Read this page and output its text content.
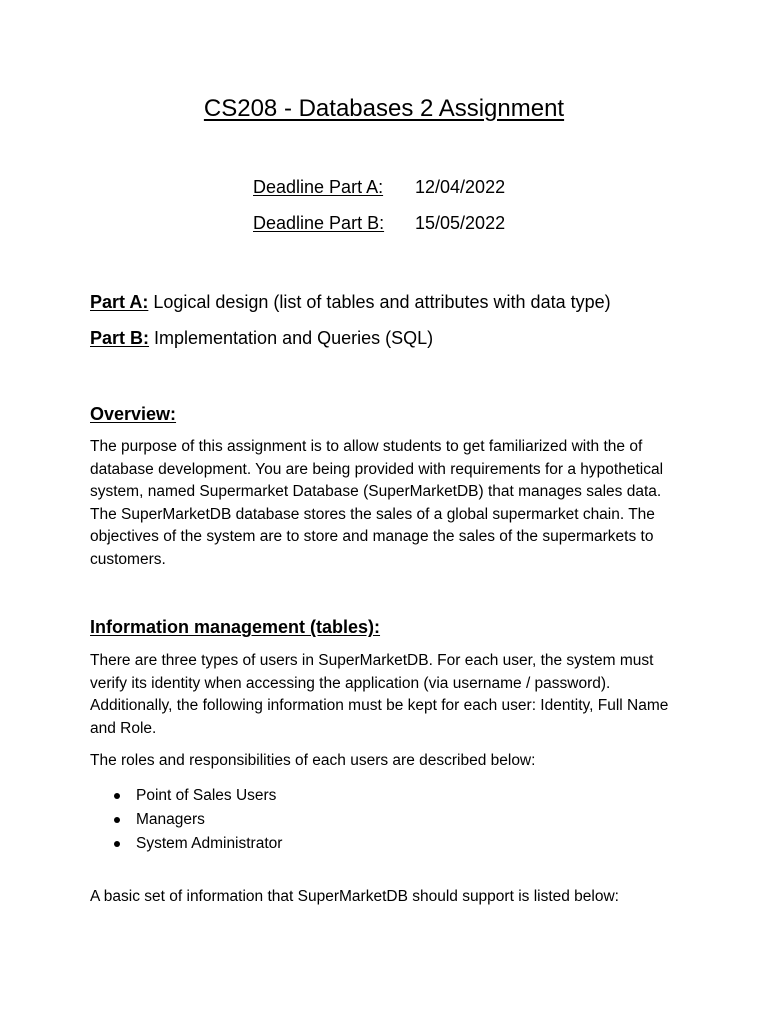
CS208 - Databases 2 Assignment
Deadline Part A:	12/04/2022
Deadline Part B:	15/05/2022
Part A: Logical design (list of tables and attributes with data type)
Part B: Implementation and Queries (SQL)
Overview:

The purpose of this assignment is to allow students to get familiarized with the of database development. You are being provided with requirements for a hypothetical system, named Supermarket Database (SuperMarketDB) that manages sales data. The SuperMarketDB database stores the sales of a global supermarket chain. The objectives of the system are to store and manage the sales of the supermarkets to customers.

Information management (tables):

There are three types of users in SuperMarketDB. For each user, the system must verify its identity when accessing the application (via username / password). Additionally, the following information must be kept for each user: Identity, Full Name and Role.

The roles and responsibilities of each users are described below:

Point of Sales Users
Managers
System Administrator

A basic set of information that SuperMarketDB should support is listed below:
